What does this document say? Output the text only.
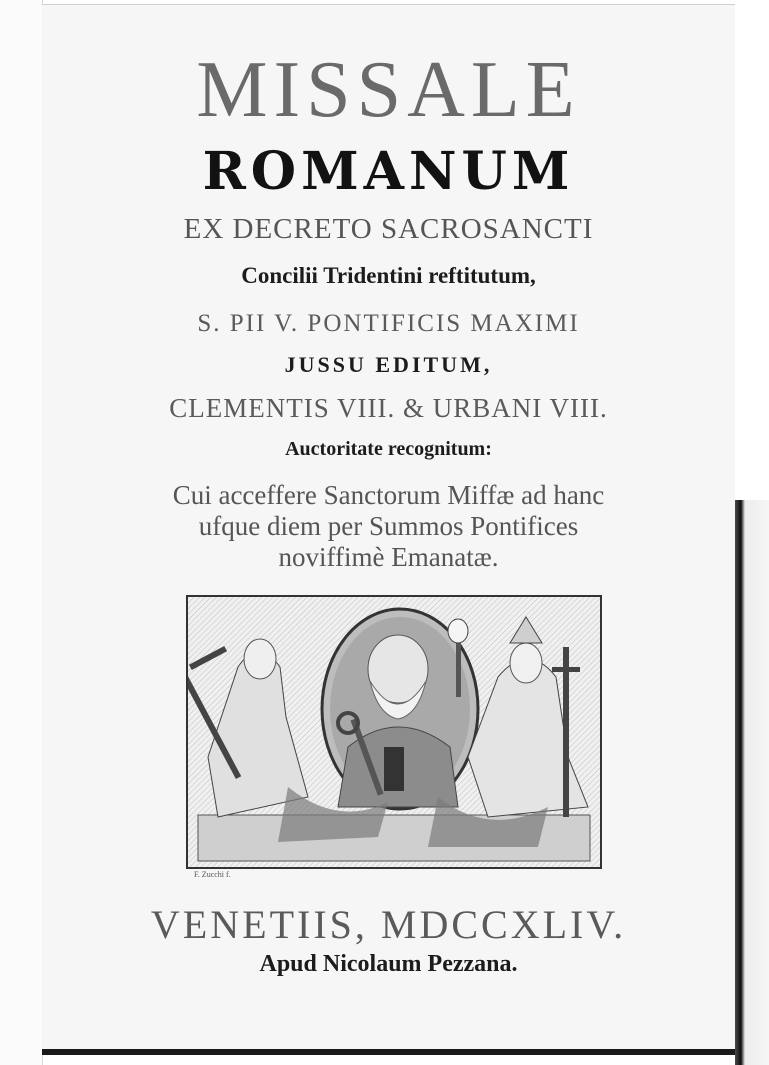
MISSALE
ROMANUM
EX DECRETO SACROSANCTI
Concilii Tridentini reftitutum,
S. PII V. PONTIFICIS MAXIMI
JUSSU EDITUM,
CLEMENTIS VIII. & URBANI VIII.
Auctoritate recognitum:
Cui acceffere Sanctorum Miffæ ad hanc
ufque diem per Summos Pontifices
noviffimè Emanatæ.
F. Zucchi f.
VENETIIS, MDCCXLIV.
Apud Nicolaum Pezzana.
